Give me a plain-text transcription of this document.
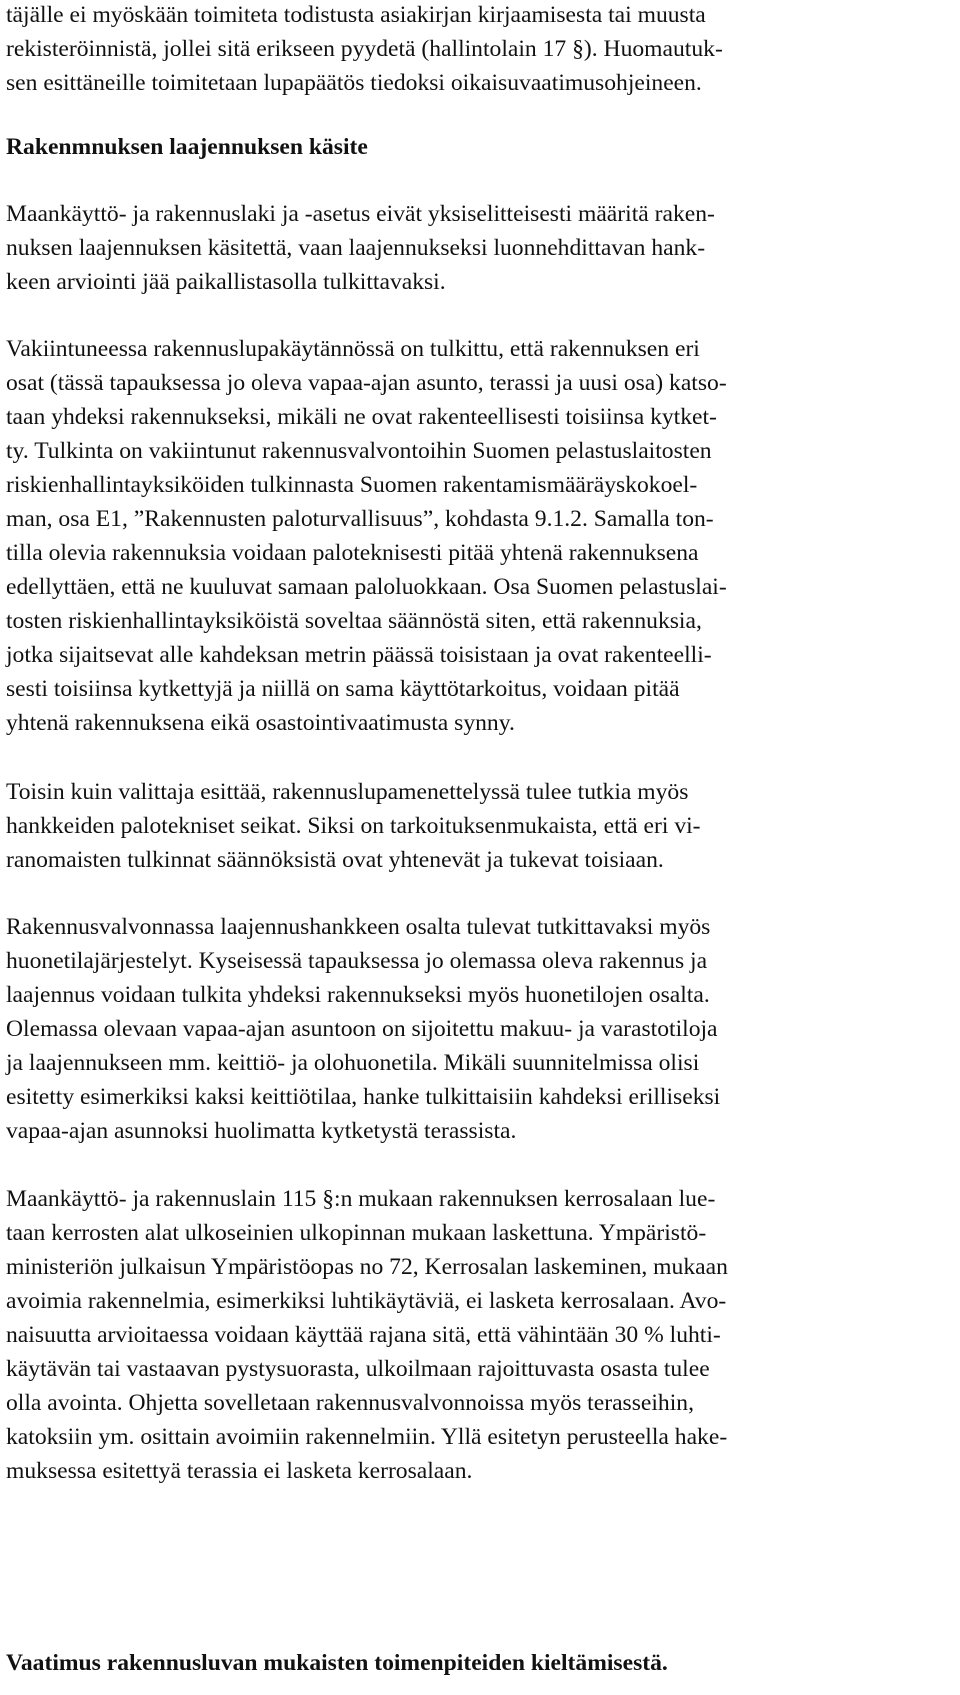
täjälle ei myöskään toimiteta todistusta asiakirjan kirjaamisesta tai muusta
rekisteröinnistä, jollei sitä erikseen pyydetä (hallintolain 17 §). Huomautuk-
sen esittäneille toimitetaan lupapäätös tiedoksi oikaisuvaatimusohjeineen.
Rakenmnuksen laajennuksen käsite
Maankäyttö- ja rakennuslaki ja -asetus eivät yksiselitteisesti määritä raken-
nuksen laajennuksen käsitettä, vaan laajennukseksi luonnehdittavan hank-
keen arviointi jää paikallistasolla tulkittavaksi.
Vakiintuneessa rakennuslupakäytännössä on tulkittu, että rakennuksen eri
osat (tässä tapauksessa jo oleva vapaa-ajan asunto, terassi ja uusi osa) katso-
taan yhdeksi rakennukseksi, mikäli ne ovat rakenteellisesti toisiinsa kytket-
ty. Tulkinta on vakiintunut rakennusvalvontoihin Suomen pelastuslaitosten
riskienhallintayksiköiden tulkinnasta Suomen rakentamismääräyskokoel-
man, osa E1, ”Rakennusten paloturvallisuus”, kohdasta 9.1.2. Samalla ton-
tilla olevia rakennuksia voidaan paloteknisesti pitää yhtenä rakennuksena
edellyttäen, että ne kuuluvat samaan paloluokkaan. Osa Suomen pelastuslai-
tosten riskienhallintayksiköistä soveltaa säännöstä siten, että rakennuksia,
jotka sijaitsevat alle kahdeksan metrin päässä toisistaan ja ovat rakenteelli-
sesti toisiinsa kytkettyjä ja niillä on sama käyttötarkoitus, voidaan pitää
yhtenä rakennuksena eikä osastointivaatimusta synny.
Toisin kuin valittaja esittää, rakennuslupamenettelyssä tulee tutkia myös
hankkeiden palotekniset seikat. Siksi on tarkoituksenmukaista, että eri vi-
ranomaisten tulkinnat säännöksistä ovat yhtenevät ja tukevat toisiaan.
Rakennusvalvonnassa laajennushankkeen osalta tulevat tutkittavaksi myös
huonetilajärjestelyt. Kyseisessä tapauksessa jo olemassa oleva rakennus ja
laajennus voidaan tulkita yhdeksi rakennukseksi myös huonetilojen osalta.
Olemassa olevaan vapaa-ajan asuntoon on sijoitettu makuu- ja varastotiloja
ja laajennukseen mm. keittiö- ja olohuonetila. Mikäli suunnitelmissa olisi
esitetty esimerkiksi kaksi keittiötilaa, hanke tulkittaisiin kahdeksi erilliseksi
vapaa-ajan asunnoksi huolimatta kytketystä terassista.
Maankäyttö- ja rakennuslain 115 §:n mukaan rakennuksen kerrosalaan lue-
taan kerrosten alat ulkoseinien ulkopinnan mukaan laskettuna. Ympäristö-
ministeriön julkaisun Ympäristöopas no 72, Kerrosalan laskeminen, mukaan
avoimia rakennelmia, esimerkiksi luhtikäytäviä, ei lasketa kerrosalaan. Avo-
naisuutta arvioitaessa voidaan käyttää rajana sitä, että vähintään 30 % luhti-
käytävän tai vastaavan pystysuorasta, ulkoilmaan rajoittuvasta osasta tulee
olla avointa. Ohjetta sovelletaan rakennusvalvonnoissa myös terasseihin,
katoksiin ym. osittain avoimiin rakennelmiin. Yllä esitetyn perusteella hake-
muksessa esitettyä terassia ei lasketa kerrosalaan.
Vaatimus rakennusluvan mukaisten toimenpiteiden kieltämisestä.
